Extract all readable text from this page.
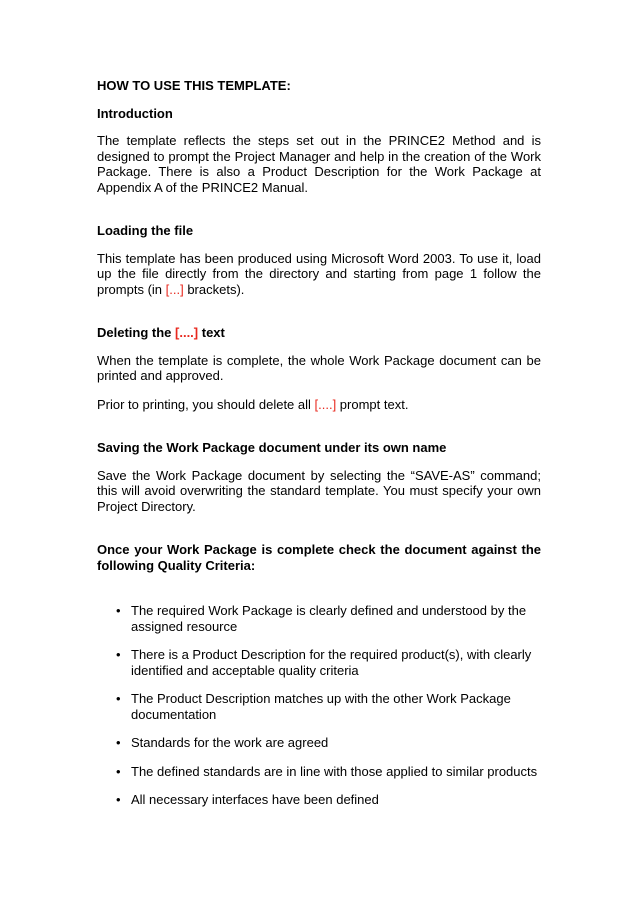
HOW TO USE THIS TEMPLATE:

Introduction

The template reflects the steps set out in the PRINCE2 Method and is designed to prompt the Project Manager and help in the creation of the Work Package. There is also a Product Description for the Work Package at Appendix A of the PRINCE2 Manual.

Loading the file

This template has been produced using Microsoft Word 2003. To use it, load up the file directly from the directory and starting from page 1 follow the prompts (in [...] brackets).

Deleting the [....] text

When the template is complete, the whole Work Package document can be printed and approved.

Prior to printing, you should delete all [....] prompt text.

Saving the Work Package document under its own name

Save the Work Package document by selecting the “SAVE-AS” command; this will avoid overwriting the standard template. You must specify your own Project Directory.

Once your Work Package is complete check the document against the following Quality Criteria:

• The required Work Package is clearly defined and understood by the assigned resource
• There is a Product Description for the required product(s), with clearly identified and acceptable quality criteria
• The Product Description matches up with the other Work Package documentation
• Standards for the work are agreed
• The defined standards are in line with those applied to similar products
• All necessary interfaces have been defined
